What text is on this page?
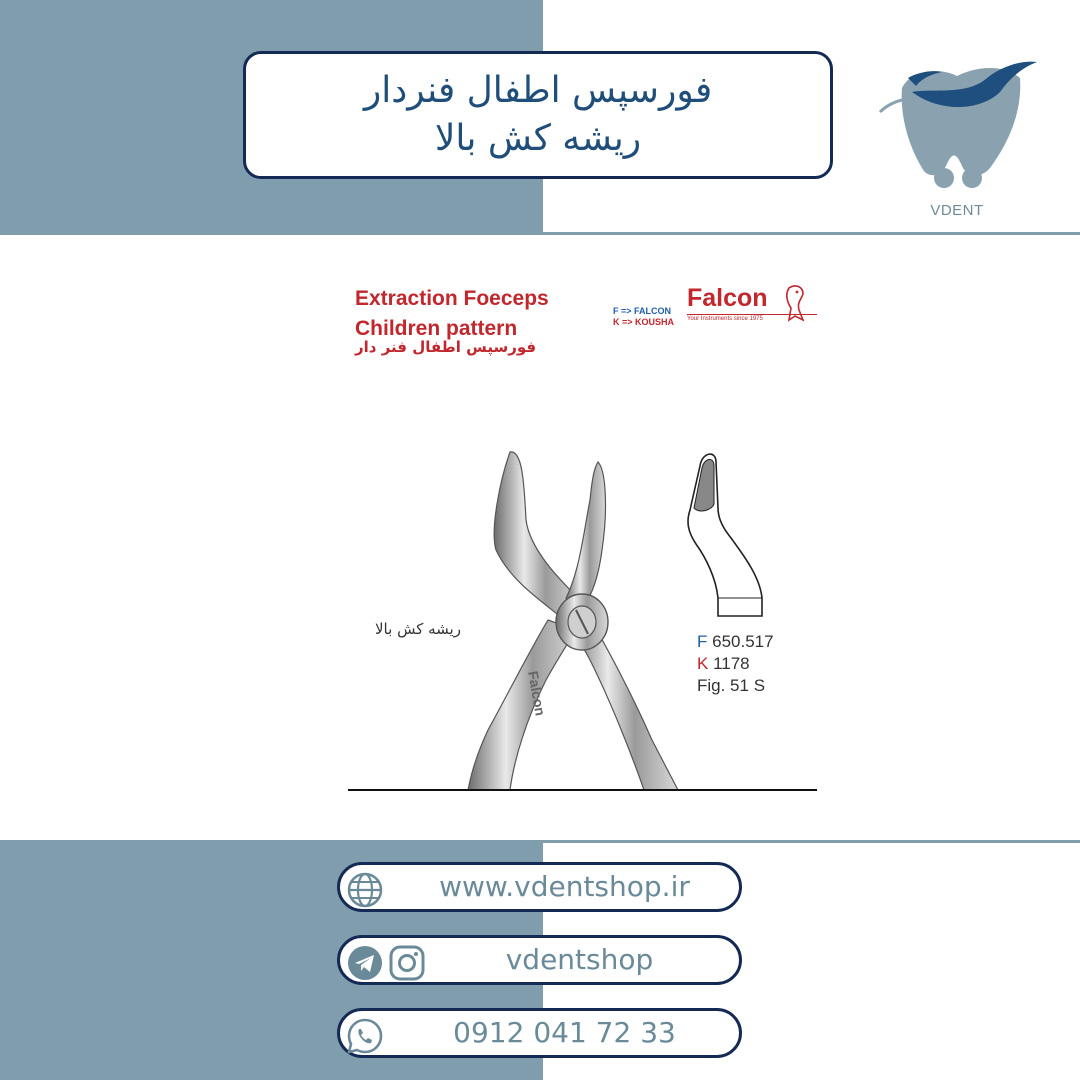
فورسپس اطفال فنردار
ریشه کش بالا
VDENT
Extraction Foeceps
Children pattern
فورسپس اطفال فنر دار
F => FALCON
K => KOUSHA
Falcon
Your Instruments since 1975
Falcon
ریشه کش بالا
F 650.517
K 1178
Fig. 51 S
www.vdentshop.ir
vdentshop
0912 041 72 33
